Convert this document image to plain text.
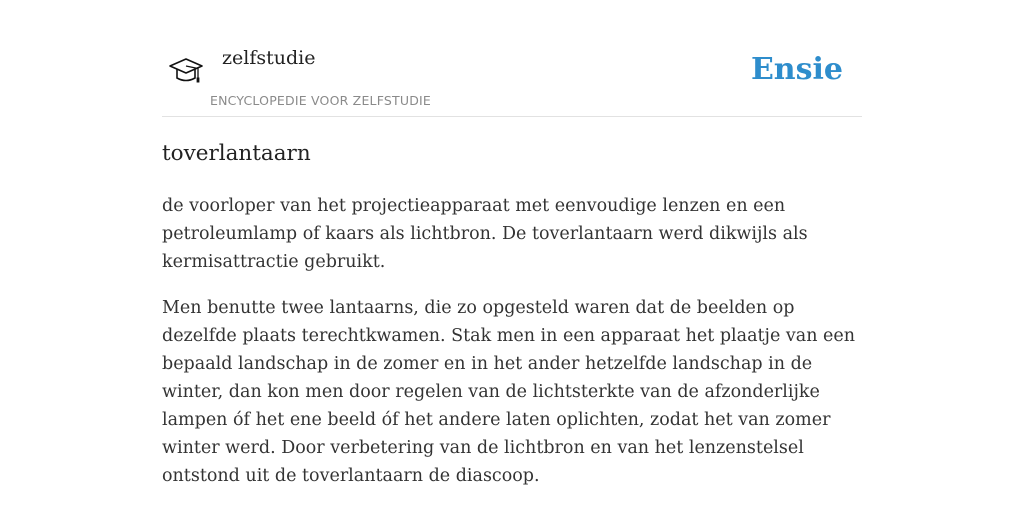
zelfstudie
ENCYCLOPEDIE VOOR ZELFSTUDIE
Ensie
toverlantaarn

de voorloper van het projectieapparaat met eenvoudige lenzen en een petroleumlamp of kaars als lichtbron. De toverlantaarn werd dikwijls als kermisattractie gebruikt.

Men benutte twee lantaarns, die zo opgesteld waren dat de beelden op dezelfde plaats terechtkwamen. Stak men in een apparaat het plaatje van een bepaald landschap in de zomer en in het ander hetzelfde landschap in de winter, dan kon men door regelen van de lichtsterkte van de afzonderlijke lampen óf het ene beeld óf het andere laten oplichten, zodat het van zomer winter werd. Door verbetering van de lichtbron en van het lenzenstelsel ontstond uit de toverlantaarn de diascoop.
